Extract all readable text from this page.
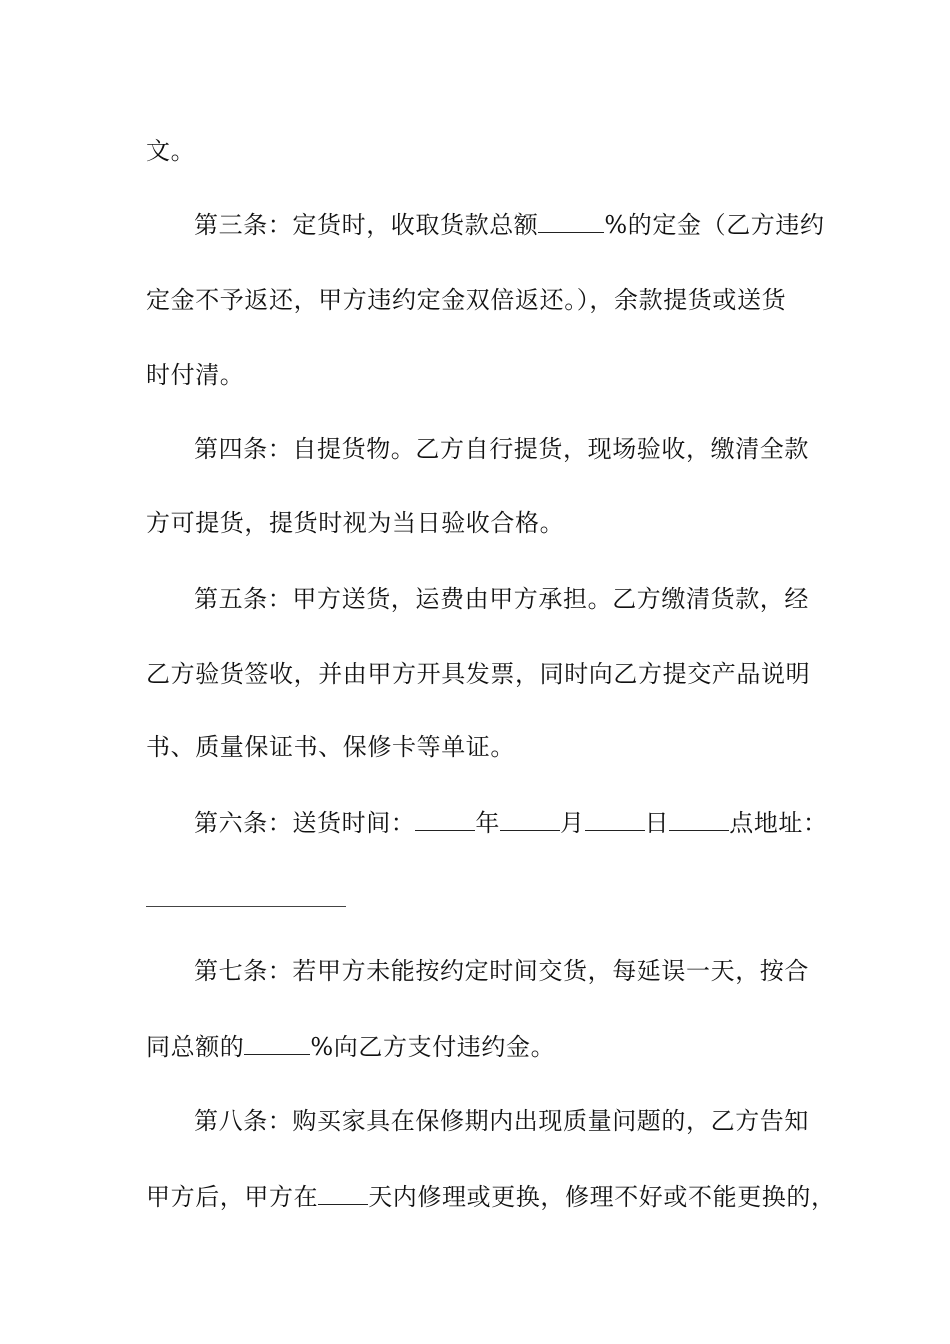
文。
第三条：定货时，收取货款总额	%的定金（乙方违约
定金不予返还，甲方违约定金双倍返还。），余款提货或送货
时付清。
第四条：自提货物。乙方自行提货，现场验收，缴清全款
方可提货，提货时视为当日验收合格。
第五条：甲方送货，运费由甲方承担。乙方缴清货款，经
乙方验货签收，并由甲方开具发票，同时向乙方提交产品说明
书、质量保证书、保修卡等单证。
第六条：送货时间：	年	月	日	点地址：
第七条：若甲方未能按约定时间交货，每延误一天，按合
同总额的	%向乙方支付违约金。
第八条：购买家具在保修期内出现质量问题的，乙方告知
甲方后，甲方在 天内修理或更换，修理不好或不能更换的，
